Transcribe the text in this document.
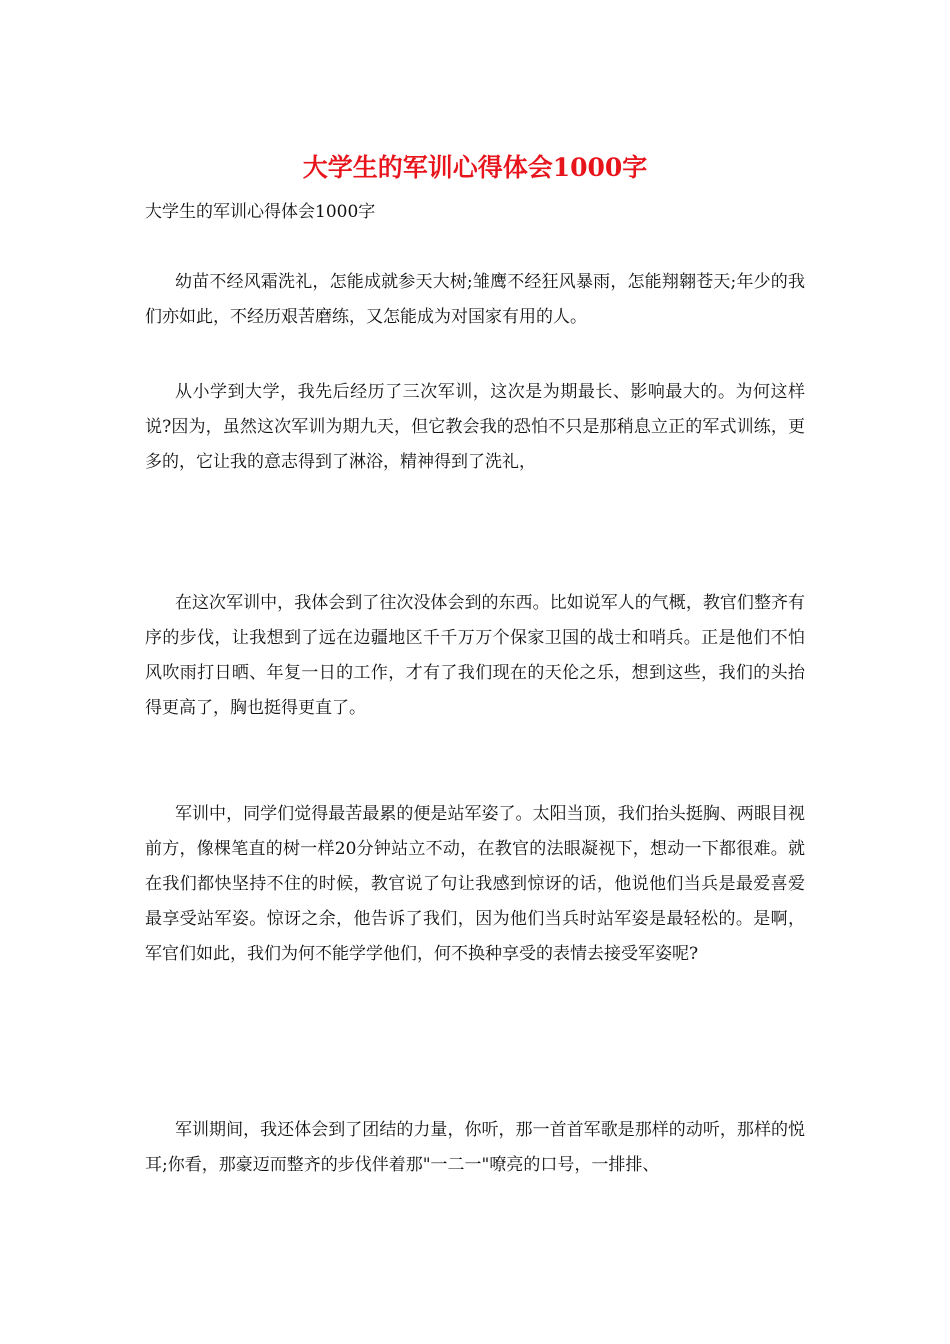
大学生的军训心得体会1000字

大学生的军训心得体会1000字

幼苗不经风霜洗礼，怎能成就参天大树;雏鹰不经狂风暴雨，怎能翔翱苍天;年少的我们亦如此，不经历艰苦磨练，又怎能成为对国家有用的人。

从小学到大学，我先后经历了三次军训，这次是为期最长、影响最大的。为何这样说?因为，虽然这次军训为期九天，但它教会我的恐怕不只是那稍息立正的军式训练，更多的，它让我的意志得到了淋浴，精神得到了洗礼，

在这次军训中，我体会到了往次没体会到的东西。比如说军人的气概，教官们整齐有序的步伐，让我想到了远在边疆地区千千万万个保家卫国的战士和哨兵。正是他们不怕风吹雨打日晒、年复一日的工作，才有了我们现在的天伦之乐，想到这些，我们的头抬得更高了，胸也挺得更直了。

军训中，同学们觉得最苦最累的便是站军姿了。太阳当顶，我们抬头挺胸、两眼目视前方，像棵笔直的树一样20分钟站立不动，在教官的法眼凝视下，想动一下都很难。就在我们都快坚持不住的时候，教官说了句让我感到惊讶的话，他说他们当兵是最爱喜爱最享受站军姿。惊讶之余，他告诉了我们，因为他们当兵时站军姿是最轻松的。是啊，军官们如此，我们为何不能学学他们，何不换种享受的表情去接受军姿呢?

军训期间，我还体会到了团结的力量，你听，那一首首军歌是那样的动听，那样的悦耳;你看，那豪迈而整齐的步伐伴着那"一二一"嘹亮的口号，一排排、
